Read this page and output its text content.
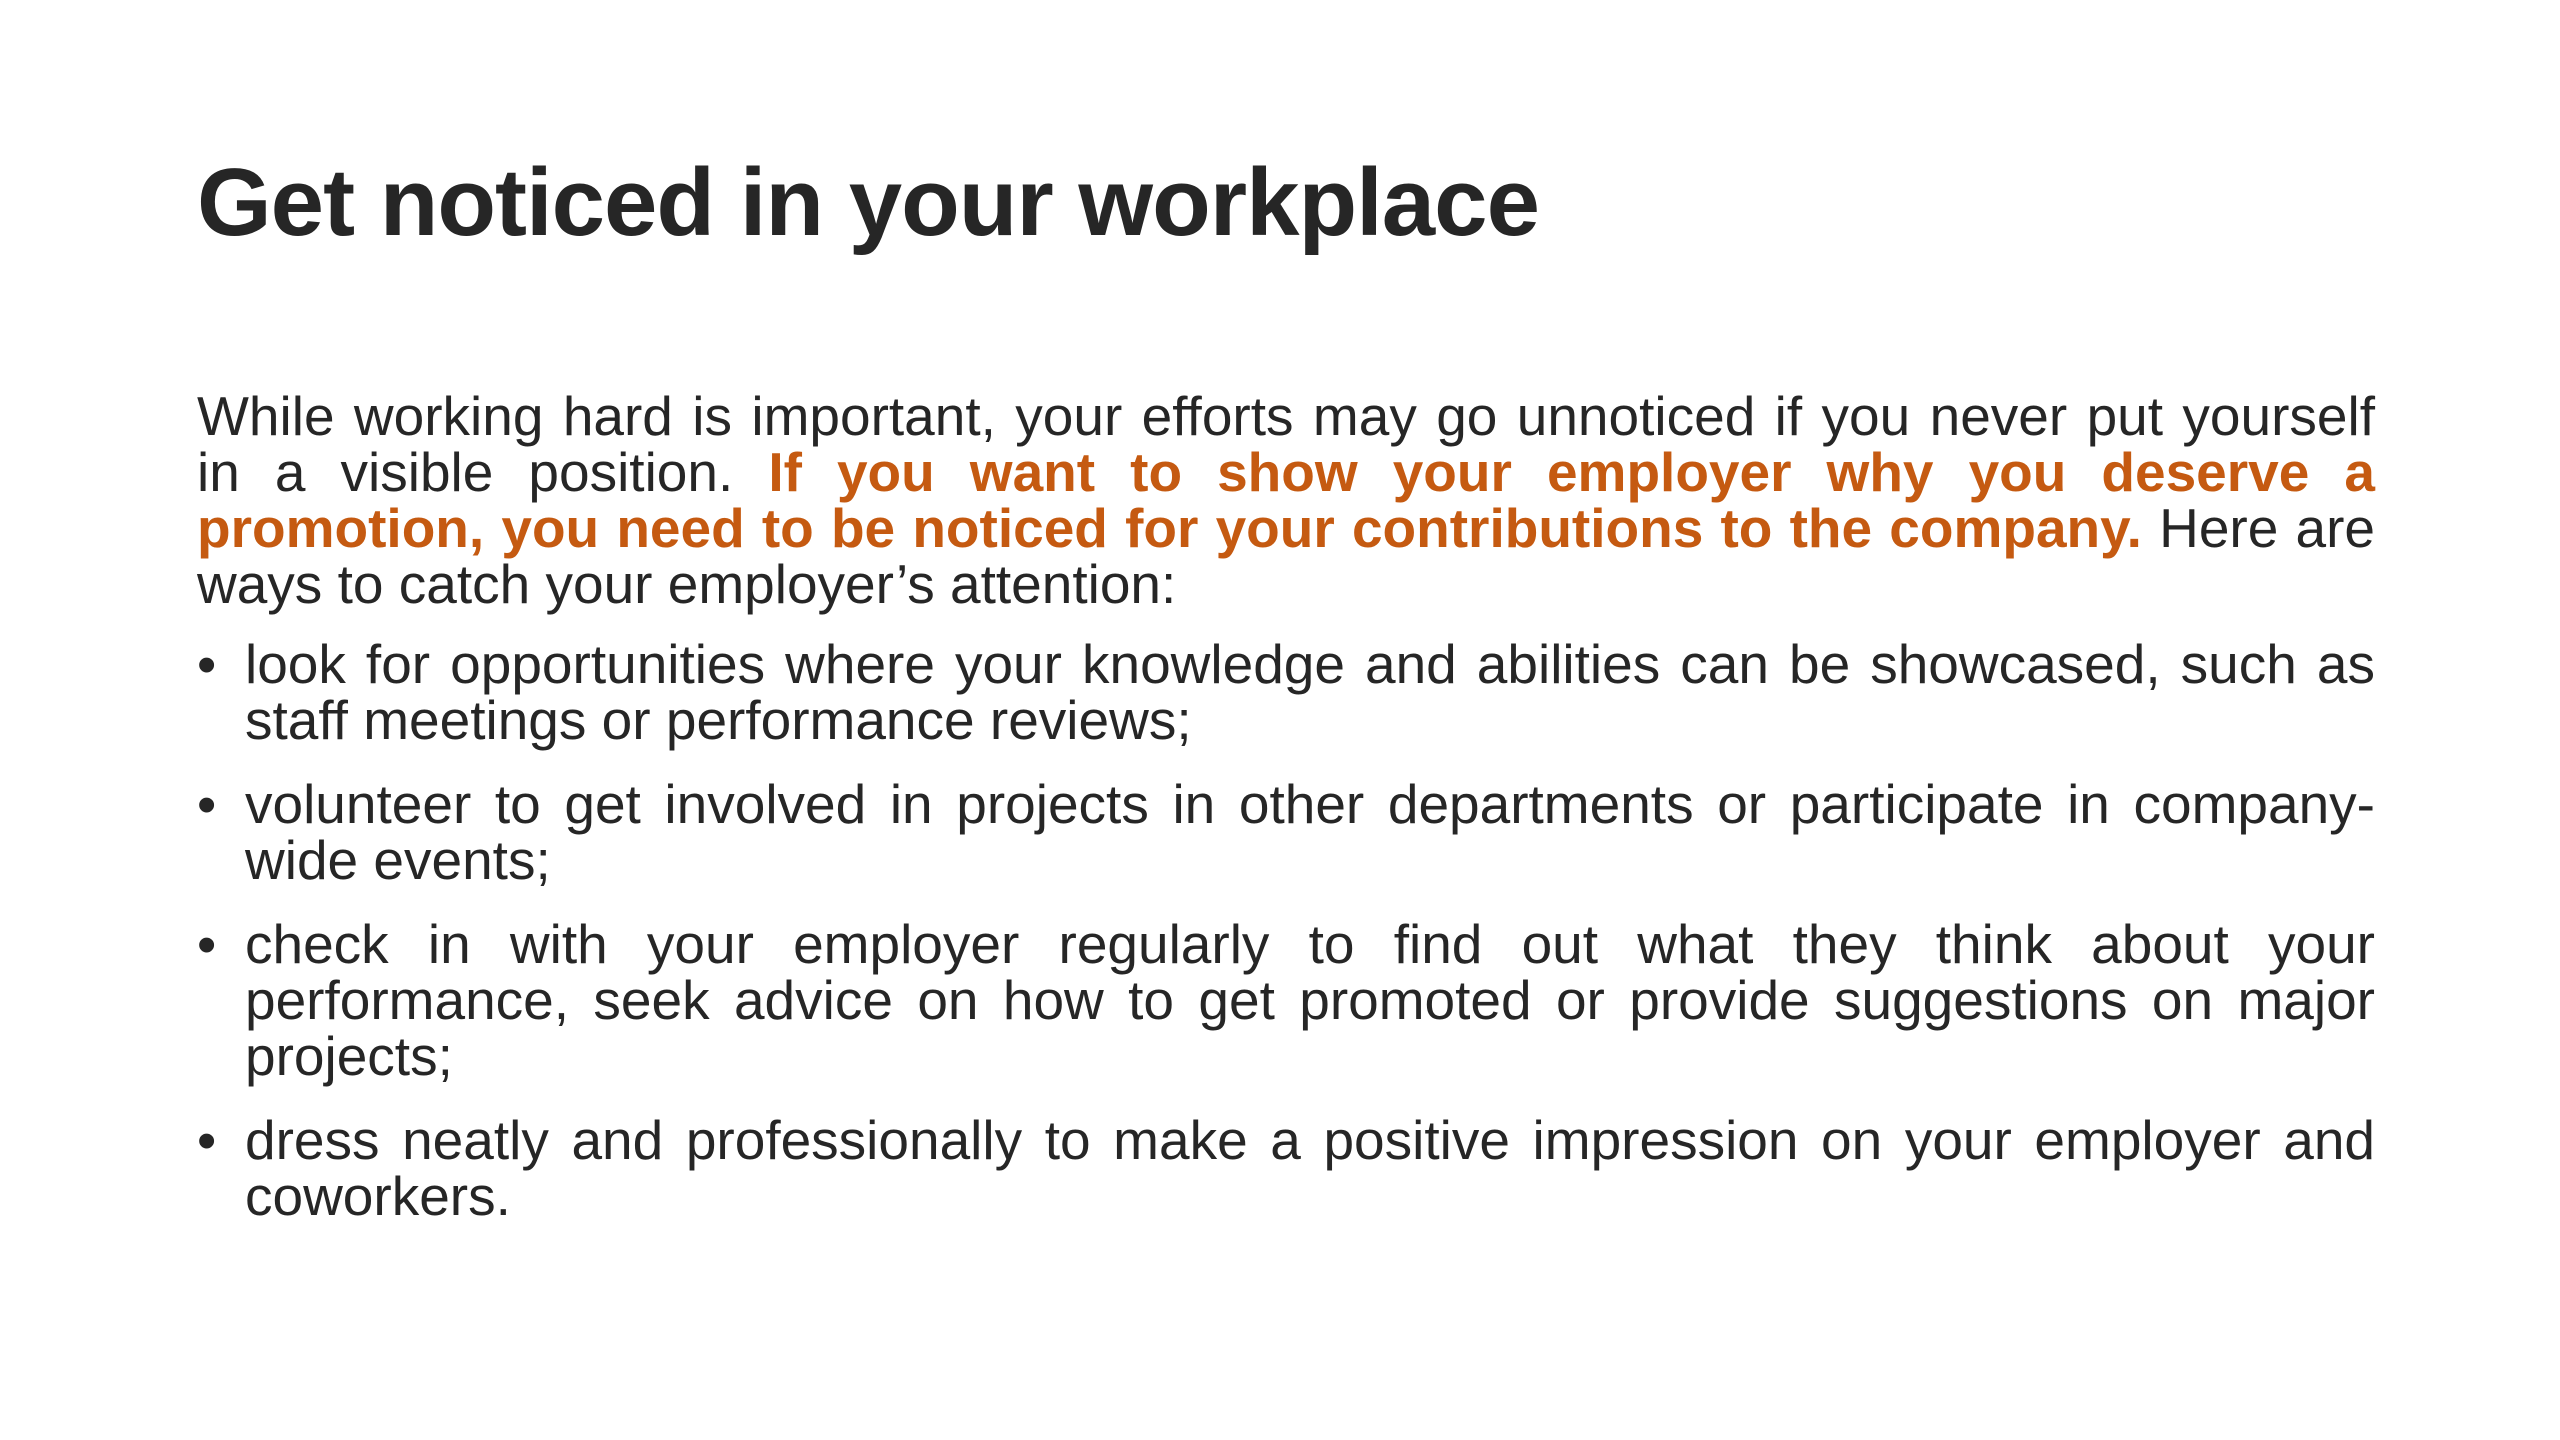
Get noticed in your workplace

While working hard is important, your efforts may go unnoticed if you never put yourself in a visible position. If you want to show your employer why you deserve a promotion, you need to be noticed for your contributions to the company. Here are ways to catch your employer’s attention:

• look for opportunities where your knowledge and abilities can be showcased, such as staff meetings or performance reviews;
• volunteer to get involved in projects in other departments or participate in company-wide events;
• check in with your employer regularly to find out what they think about your performance, seek advice on how to get promoted or provide suggestions on major projects;
• dress neatly and professionally to make a positive impression on your employer and coworkers.
